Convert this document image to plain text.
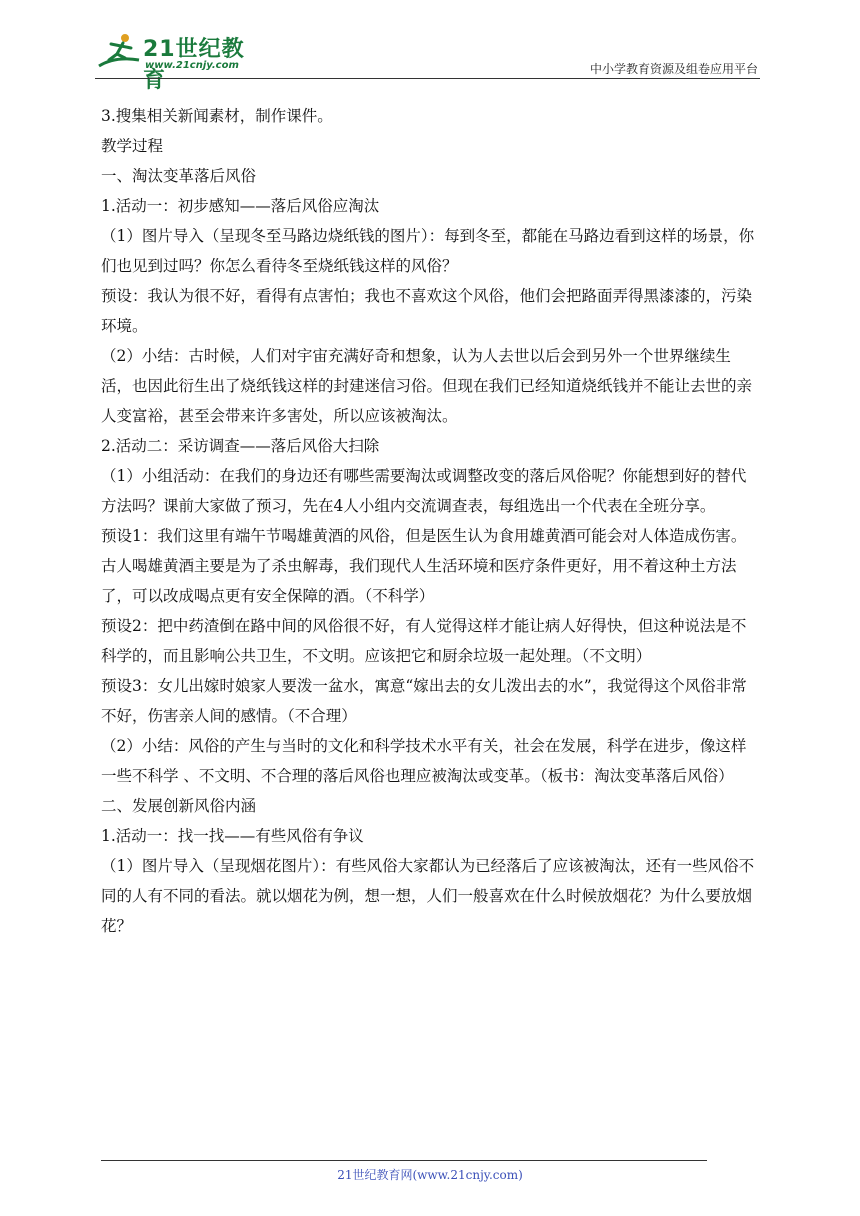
21世纪教育
www.21cnjy.com	中小学教育资源及组卷应用平台

3.搜集相关新闻素材，制作课件。

教学过程

一、淘汰变革落后风俗

1.活动一：初步感知——落后风俗应淘汰

（1）图片导入（呈现冬至马路边烧纸钱的图片）：每到冬至，都能在马路边看到这样的场景，你们也见到过吗？你怎么看待冬至烧纸钱这样的风俗？

预设：我认为很不好，看得有点害怕；我也不喜欢这个风俗，他们会把路面弄得黑漆漆的，污染环境。

（2）小结：古时候，人们对宇宙充满好奇和想象，认为人去世以后会到另外一个世界继续生活，也因此衍生出了烧纸钱这样的封建迷信习俗。但现在我们已经知道烧纸钱并不能让去世的亲人变富裕，甚至会带来许多害处，所以应该被淘汰。

2.活动二：采访调查——落后风俗大扫除

（1）小组活动：在我们的身边还有哪些需要淘汰或调整改变的落后风俗呢？你能想到好的替代方法吗？课前大家做了预习，先在4人小组内交流调查表，每组选出一个代表在全班分享。

预设1：我们这里有端午节喝雄黄酒的风俗，但是医生认为食用雄黄酒可能会对人体造成伤害。古人喝雄黄酒主要是为了杀虫解毒，我们现代人生活环境和医疗条件更好，用不着这种土方法了，可以改成喝点更有安全保障的酒。（不科学）

预设2：把中药渣倒在路中间的风俗很不好，有人觉得这样才能让病人好得快，但这种说法是不科学的，而且影响公共卫生，不文明。应该把它和厨余垃圾一起处理。（不文明）

预设3：女儿出嫁时娘家人要泼一盆水，寓意“嫁出去的女儿泼出去的水”，我觉得这个风俗非常不好，伤害亲人间的感情。（不合理）

（2）小结：风俗的产生与当时的文化和科学技术水平有关，社会在发展，科学在进步，像这样一些不科学 、不文明、不合理的落后风俗也理应被淘汰或变革。（板书：淘汰变革落后风俗）

二、发展创新风俗内涵

1.活动一：找一找——有些风俗有争议

（1）图片导入（呈现烟花图片）：有些风俗大家都认为已经落后了应该被淘汰，还有一些风俗不同的人有不同的看法。就以烟花为例，想一想，人们一般喜欢在什么时候放烟花？为什么要放烟花？

21世纪教育网(www.21cnjy.com)
